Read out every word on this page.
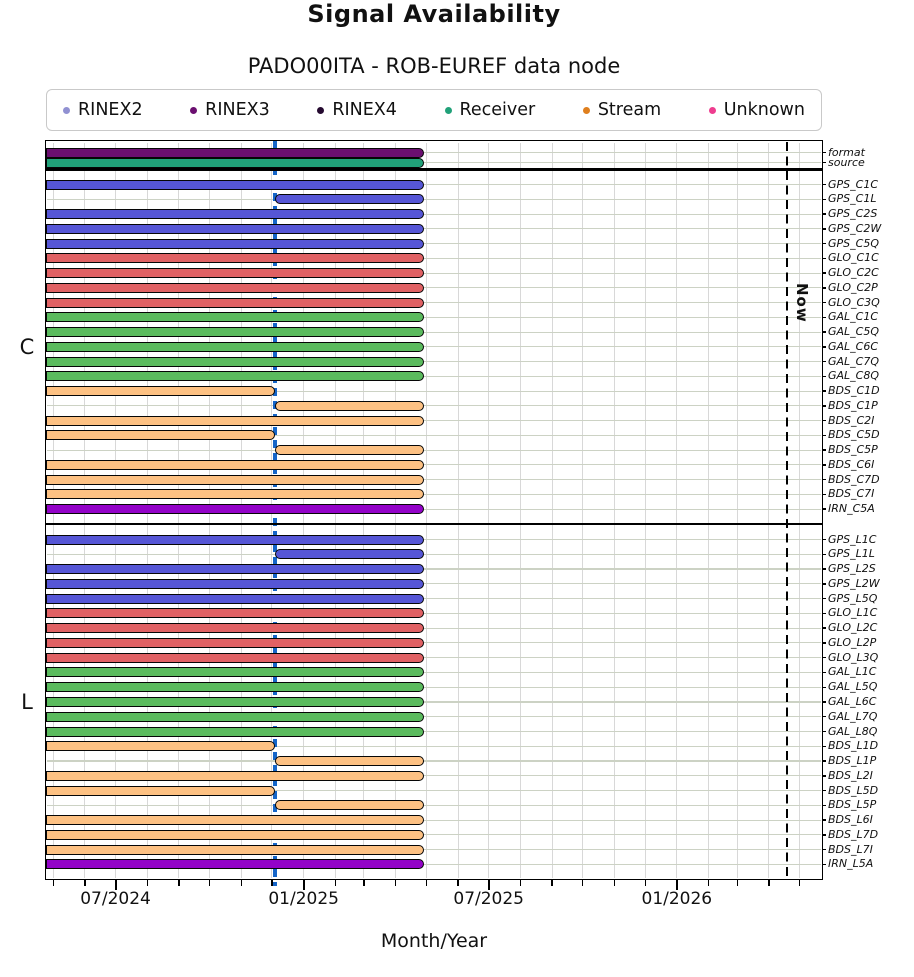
Signal Availability
PADO00ITA - ROB-EUREF data node
RINEX2	RINEX3	RINEX4	Receiver	Stream	Unknown
Month/Year
07/2024	01/2025	07/2025	01/2026
format
source
GPS_C1C
GPS_C1L
GPS_C2S
GPS_C2W
GPS_C5Q
GLO_C1C
GLO_C2C
GLO_C2P
GLO_C3Q
GAL_C1C
GAL_C5Q
GAL_C6C
GAL_C7Q
GAL_C8Q
BDS_C1D
BDS_C1P
BDS_C2I
BDS_C5D
BDS_C5P
BDS_C6I
BDS_C7D
BDS_C7I
IRN_C5A
GPS_L1C
GPS_L1L
GPS_L2S
GPS_L2W
GPS_L5Q
GLO_L1C
GLO_L2C
GLO_L2P
GLO_L3Q
GAL_L1C
GAL_L5Q
GAL_L6C
GAL_L7Q
GAL_L8Q
BDS_L1D
BDS_L1P
BDS_L2I
BDS_L5D
BDS_L5P
BDS_L6I
BDS_L7D
BDS_L7I
IRN_L5A
C
L
Now
